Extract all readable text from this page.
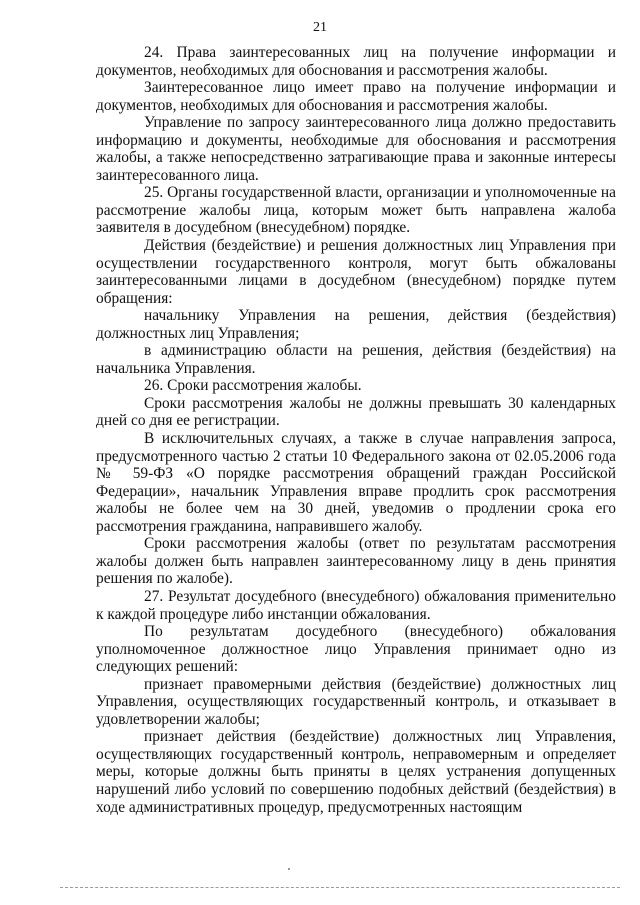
21

24. Права заинтересованных лиц на получение информации и документов, необходимых для обоснования и рассмотрения жалобы.

Заинтересованное лицо имеет право на получение информации и документов, необходимых для обоснования и рассмотрения жалобы.

Управление по запросу заинтересованного лица должно предоставить информацию и документы, необходимые для обоснования и рассмотрения жалобы, а также непосредственно затрагивающие права и законные интересы заинтересованного лица.

25. Органы государственной власти, организации и уполномоченные на рассмотрение жалобы лица, которым может быть направлена жалоба заявителя в досудебном (внесудебном) порядке.

Действия (бездействие) и решения должностных лиц Управления при осуществлении государственного контроля, могут быть обжалованы заинтересованными лицами в досудебном (внесудебном) порядке путем обращения:

начальнику Управления на решения, действия (бездействия) должностных лиц Управления;

в администрацию области на решения, действия (бездействия) на начальника Управления.

26. Сроки рассмотрения жалобы.

Сроки рассмотрения жалобы не должны превышать 30 календарных дней со дня ее регистрации.

В исключительных случаях, а также в случае направления запроса, предусмотренного частью 2 статьи 10 Федерального закона от 02.05.2006 года № 59-ФЗ «О порядке рассмотрения обращений граждан Российской Федерации», начальник Управления вправе продлить срок рассмотрения жалобы не более чем на 30 дней, уведомив о продлении срока его рассмотрения гражданина, направившего жалобу.

Сроки рассмотрения жалобы (ответ по результатам рассмотрения жалобы должен быть направлен заинтересованному лицу в день принятия решения по жалобе).

27. Результат досудебного (внесудебного) обжалования применительно к каждой процедуре либо инстанции обжалования.

По результатам досудебного (внесудебного) обжалования уполномоченное должностное лицо Управления принимает одно из следующих решений:

признает правомерными действия (бездействие) должностных лиц Управления, осуществляющих государственный контроль, и отказывает в удовлетворении жалобы;

признает действия (бездействие) должностных лиц Управления, осуществляющих государственный контроль, неправомерным и определяет меры, которые должны быть приняты в целях устранения допущенных нарушений либо условий по совершению подобных действий (бездействия) в ходе административных процедур, предусмотренных настоящим
